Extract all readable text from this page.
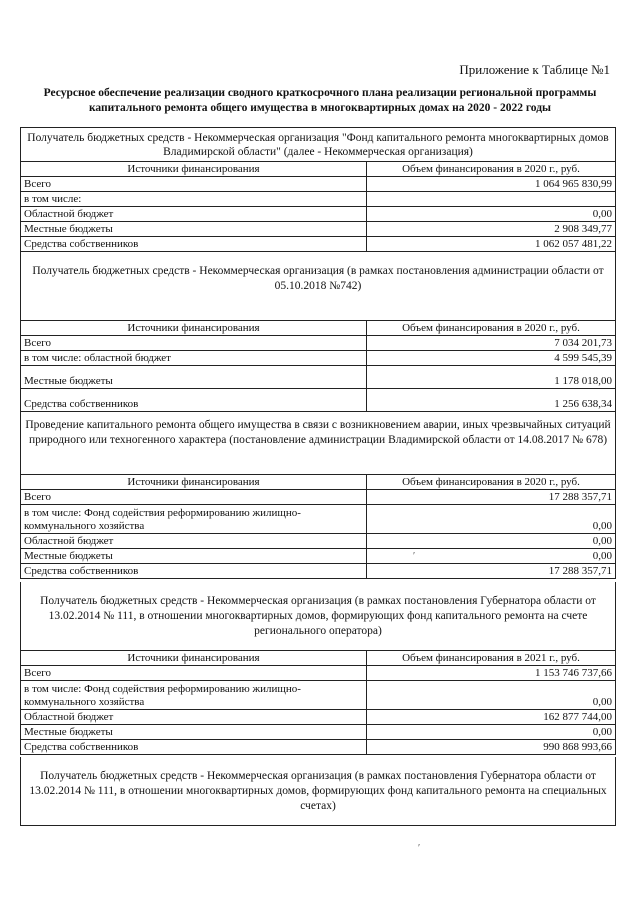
Приложение к Таблице №1
Ресурсное обеспечение реализации сводного краткосрочного плана реализации региональной программы капитального ремонта общего имущества в многоквартирных домах на 2020 - 2022 годы
Получатель бюджетных средств - Некоммерческая организация "Фонд капитального ремонта многоквартирных домов Владимирской области" (далее - Некоммерческая организация)
Источники финансирования	Объем финансирования в 2020 г., руб.
Всего	1 064 965 830,99
в том числе:	
Областной бюджет	0,00
Местные бюджеты	2 908 349,77
Средства собственников	1 062 057 481,22
Получатель бюджетных средств - Некоммерческая организация (в рамках постановления администрации области от 05.10.2018 №742)
Источники финансирования	Объем финансирования в 2020 г., руб.
Всего	7 034 201,73
в том числе: областной бюджет	4 599 545,39
Местные бюджеты	1 178 018,00
Средства собственников	1 256 638,34
Проведение капитального ремонта общего имущества в связи с возникновением аварии, иных чрезвычайных ситуаций природного или техногенного характера (постановление администрации Владимирской области от 14.08.2017 № 678)
Источники финансирования	Объем финансирования в 2020 г., руб.
Всего	17 288 357,71
в том числе: Фонд содействия реформированию жилищно-коммунального хозяйства	0,00
Областной бюджет	0,00
Местные бюджеты	0,00
Средства собственников	17 288 357,71
Получатель бюджетных средств - Некоммерческая организация (в рамках постановления Губернатора области от 13.02.2014 № 111, в отношении многоквартирных домов, формирующих фонд капитального ремонта на счете регионального оператора)
Источники финансирования	Объем финансирования в 2021 г., руб.
Всего	1 153 746 737,66
в том числе: Фонд содействия реформированию жилищно-коммунального хозяйства	0,00
Областной бюджет	162 877 744,00
Местные бюджеты	0,00
Средства собственников	990 868 993,66
Получатель бюджетных средств - Некоммерческая организация (в рамках постановления Губернатора области от 13.02.2014 № 111, в отношении многоквартирных домов, формирующих фонд капитального ремонта на специальных счетах)
ʹ
ʹ
